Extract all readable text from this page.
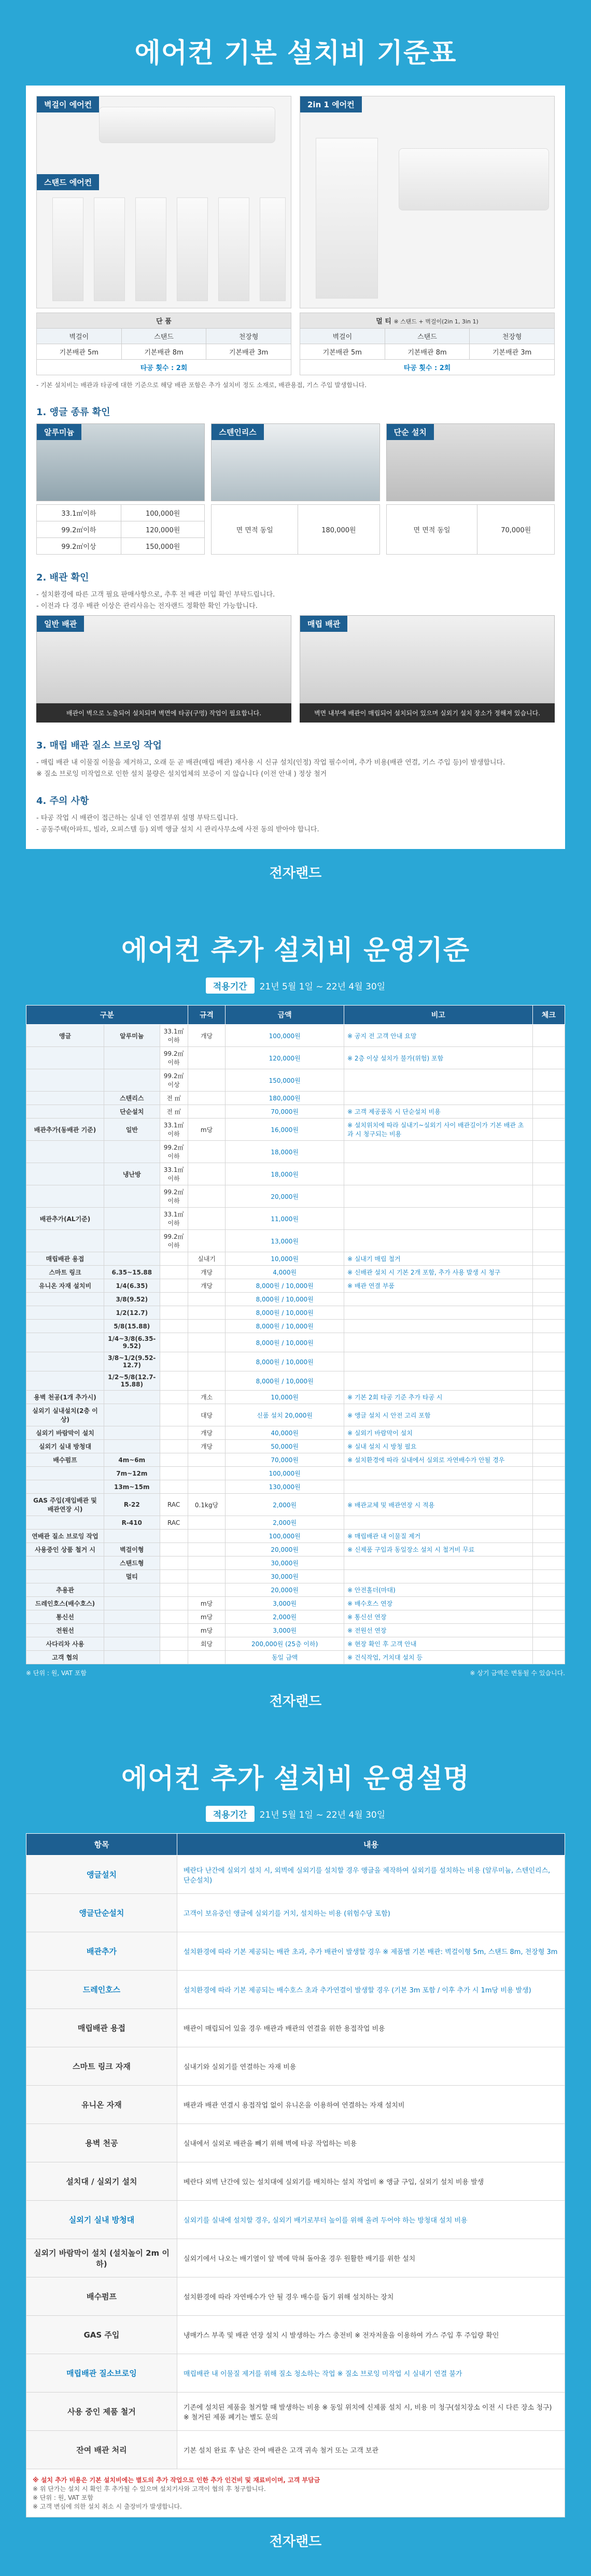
에어컨 기본 설치비 기준표
벽걸이 에어컨
스탠드 에어컨
단 품		
벽걸이	스탠드	천장형
기본배관 5m	기본배관 8m	기본배관 3m
타공 횟수 : 2회		
2in 1 에어컨
멀 티 ※ 스탠드 + 벽걸이(2in 1, 3in 1)		
벽걸이	스탠드	천장형
기본배관 5m	기본배관 8m	기본배관 3m
타공 횟수 : 2회		

- 기본 설치비는 배관과 타공에 대한 기준으로 해당 배관 포함은 추가 설치비 정도 소재로, 배관용접, 기스 주입 발생합니다.

1. 앵글 종류 확인
알루미늄	스텐인리스	단순 설치
33.1㎡이하	100,000원
99.2㎡이하	120,000원
99.2㎡이상	150,000원
면 면적 동일	180,000원	면 면적 동일	70,000원
2. 배관 확인
- 설치환경에 따른 고객 필요 판매사항으로, 추후 전 배관 미입 확인 부탁드립니다.
- 이전과 다 경우 배관 이상은 관리사유는 전자랜드 정확한 확인 가능합니다.
일반 배관
배관이 벽으로 노출되어 설치되며 벽면에 타공(구멍) 작업이 필요합니다.
매립 배관
벽면 내부에 배관이 매립되어 설치되어 있으며 실외기 설치 장소가 정해져 있습니다.
3. 매립 배관 질소 브로잉 작업
- 매립 배관 내 이물질 이물을 제거하고, 오래 둔 곧 배관(매립 배관) 재사용 시 신규 설치(인정) 작업 필수이며, 추가 비용(배관 연결, 기스 주입 등)이 발생합니다.
※ 질소 브로잉 미작업으로 인한 설치 불량은 설치업체의 보증이 지 않습니다 (이전 안내 ) 정상 철거
4. 주의 사항
- 타공 작업 시 배관이 접근하는 실내 인 연결부위 설명 부탁드립니다.
- 공동주택(아파트, 빌라, 오피스텔 등) 외벽 앵글 설치 시 관리사무소에 사전 동의 받아야 합니다.
전자랜드
에어컨 추가 설치비 운영기준
적용기간 21년 5월 1일 ~ 22년 4월 30일
구분			규격	금액	비고	체크
앵글	알루미늄	33.1㎡이하	개당	100,000원	※ 공지 전 고객 안내 요망	
		99.2㎡이하		120,000원	※ 2층 이상 설치가 불가(위험) 포함	
		99.2㎡이상		150,000원		
	스텐리스	전 ㎡		180,000원		
	단순설치	전 ㎡		70,000원	※ 고객 제공품목 시 단순설치 비용	
배관추가(동배관 기준)	일반	33.1㎡이하	m당	16,000원	※ 설치위치에 따라 실내기~실외기 사이 배관길이가 기본 배관 초과 시 청구되는 비용	
		99.2㎡이하		18,000원		
	냉난방	33.1㎡이하		18,000원		
		99.2㎡이하		20,000원		
배관추가(AL기준)		33.1㎡이하		11,000원		
		99.2㎡이하		13,000원		
매립배관 용접			실내기	10,000원	※ 실내기 매립 철거	
스마트 링크	6.35~15.88		개당	4,000원	※ 신배관 설치 시 기본 2개 포함, 추가 사용 발생 시 청구	
유니온 자재 설치비	1/4(6.35)		개당	8,000원 / 10,000원	※ 배관 연결 부품	
	3/8(9.52)			8,000원 / 10,000원		
	1/2(12.7)			8,000원 / 10,000원		
	5/8(15.88)			8,000원 / 10,000원		
	1/4~3/8(6.35-9.52)			8,000원 / 10,000원		
	3/8~1/2(9.52-12.7)			8,000원 / 10,000원		
	1/2~5/8(12.7-15.88)			8,000원 / 10,000원		
용벽 천공(1개 추가시)			개소	10,000원	※ 기본 2회 타공 기준 추가 타공 시	
실외기 실내설치(2층 이상)			대당	신품 설치 20,000원	※ 앵글 설치 시 안전 고리 포함	
실외기 바람막이 설치			개당	40,000원	※ 실외기 바람막이 설치	
실외기 실내 방청대			개당	50,000원	※ 실내 설치 시 방청 필요	
배수펌프	4m~6m			70,000원	※ 설치환경에 따라 실내에서 실외로 자연배수가 안될 경우	
	7m~12m			100,000원		
	13m~15m			130,000원		
GAS 주입(재입배관 및 배관연장 시)	R-22	RAC	0.1kg당	2,000원	※ 배관교체 및 배관연장 시 적용	
	R-410	RAC		2,000원		
연배관 질소 브로잉 작업				100,000원	※ 매립배관 내 이물질 제거	
사용중인 상품 철거 시	벽걸이형			20,000원	※ 신제품 구입과 동일장소 설치 시 철거비 무료	
	스탠드형			30,000원		
	멀티			30,000원		
추용관				20,000원	※ 안전홀더(마대)	
드레인호스(배수호스)			m당	3,000원	※ 배수호스 연장	
통신선			m당	2,000원	※ 통신선 연장	
전원선			m당	3,000원	※ 전원선 연장	
사다리차 사용			회당	200,000원 (25층 이하)	※ 현장 확인 후 고객 안내	
고객 협의				동일 금액	※ 건식작업, 거치대 설치 등	
※ 단위 : 원, VAT 포함	※ 상기 금액은 변동될 수 있습니다.
전자랜드
에어컨 추가 설치비 운영설명
적용기간 21년 5월 1일 ~ 22년 4월 30일
항목	내용
앵글설치	베란다 난간에 실외기 설치 시, 외벽에 실외기를 설치할 경우 앵글을 제작하여 실외기를 설치하는 비용 (알루미늄, 스텐인리스, 단순설치)
앵글단순설치	고객이 보유중인 앵글에 실외기를 거치, 설치하는 비용 (위험수당 포함)
배관추가	설치환경에 따라 기본 제공되는 배관 초과, 추가 배관이 발생할 경우 ※ 제품별 기본 배관: 벽걸이형 5m, 스탠드 8m, 천장형 3m
드레인호스	설치환경에 따라 기본 제공되는 배수호스 초과 추가연결이 발생할 경우 (기본 3m 포함 / 이후 추가 시 1m당 비용 발생)
매립배관 용접	배관이 매립되어 있을 경우 배관과 배관의 연결을 위한 용접작업 비용
스마트 링크 자재	실내기와 실외기를 연결하는 자재 비용
유니온 자재	배관과 배관 연결시 용접작업 없이 유니온을 이용하여 연결하는 자재 설치비
용벽 천공	실내에서 실외로 배관을 빼기 위해 벽에 타공 작업하는 비용
설치대 / 실외기 설치	베란다 외벽 난간에 있는 설치대에 실외기를 배치하는 설치 작업비 ※ 앵글 구입, 실외기 설치 비용 발생
실외기 실내 방청대	실외기를 실내에 설치할 경우, 실외기 배기로부터 높이를 위해 올려 두어야 하는 방청대 설치 비용
실외기 바람막이 설치 (설치높이 2m 이하)	실외기에서 나오는 배기열이 앞 벽에 막혀 돌아올 경우 원활한 배기를 위한 설치
배수펌프	설치환경에 따라 자연배수가 안 될 경우 배수를 돕기 위해 설치하는 장치
GAS 주입	냉매가스 부족 및 배관 연장 설치 시 발생하는 가스 충전비 ※ 전자저울을 이용하여 가스 주입 후 주입량 확인
매립배관 질소브로잉	매립배관 내 이물질 제거를 위해 질소 청소하는 작업 ※ 질소 브로잉 미작업 시 실내기 연결 불가
사용 중인 제품 철거	기존에 설치된 제품을 철거할 때 발생하는 비용 ※ 동일 위치에 신제품 설치 시, 비용 미 청구(설치장소 이전 시 다른 장소 청구) ※ 철거된 제품 폐기는 별도 문의
잔여 배관 처리	기본 설치 완료 후 남은 잔여 배관은 고객 귀속 철거 또는 고객 보관
※ 설치 추가 비용은 기본 설치비에는 별도의 추가 작업으로 인한 추가 인건비 및 재료비이며, 고객 부담금
※ 위 단가는 설치 시 확인 후 추가될 수 있으며 설치기사와 고객이 협의 후 청구합니다.
※ 단위 : 원, VAT 포함
※ 고객 변심에 의한 설치 취소 시 출장비가 발생합니다.
전자랜드
